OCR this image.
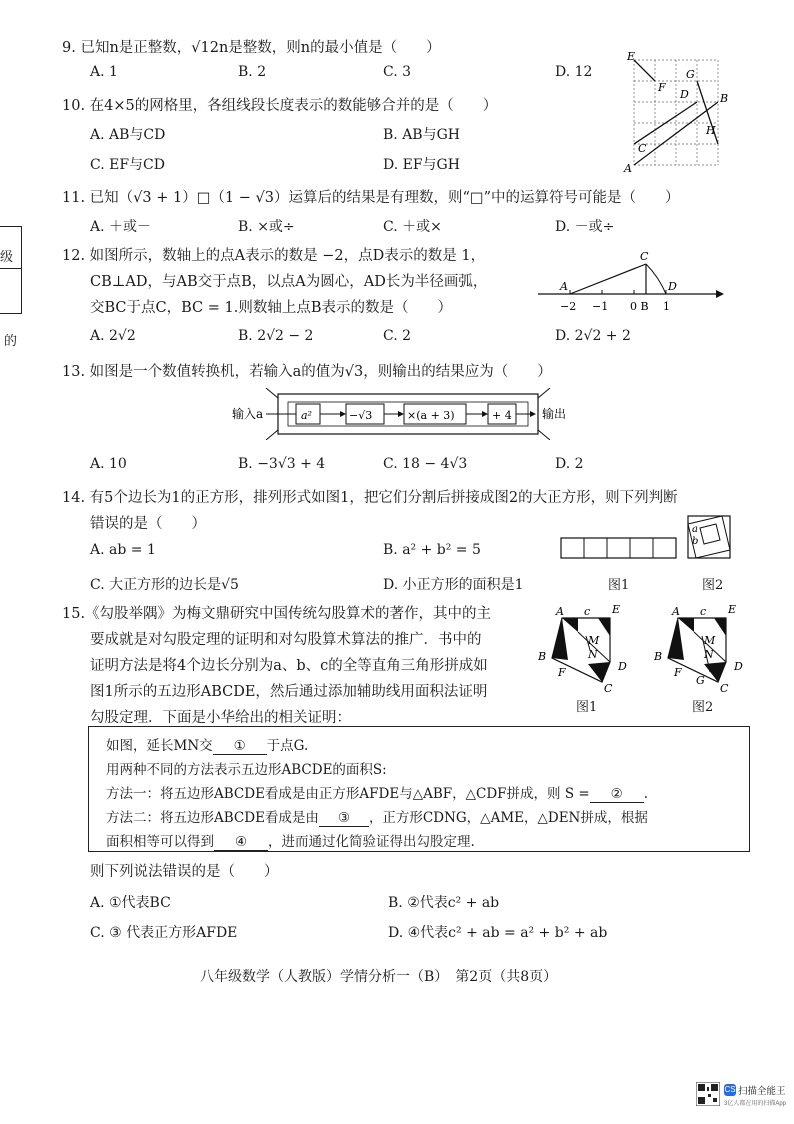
级
的
9. 已知n是正整数，√12n是整数，则n的最小值是（　　）
A. 1	B. 2	C. 3	D. 12
10. 在4×5的网格里，各组线段长度表示的数能够合并的是（　　）
A. AB与CD	B. AB与GH
C. EF与CD	D. EF与GH
E
F
G
D	B
H
C
A
11. 已知（√3 + 1）□（1 − √3）运算后的结果是有理数，则“□”中的运算符号可能是（　　）
A. ＋或－	B. ×或÷	C. ＋或×	D. －或÷
12. 如图所示，数轴上的点A表示的数是 −2，点D表示的数是 1，
CB⊥AD，与AB交于点B，以点A为圆心，AD长为半径画弧，
交BC于点C，BC = 1.则数轴上点B表示的数是（　　）
A. 2√2	B. 2√2 − 2	C. 2	D. 2√2 + 2
A
C
D
−2 −1 0 B 1
13. 如图是一个数值转换机，若输入a的值为√3，则输出的结果应为（　　）
输入a	a²	−√3	×(a + 3)	+ 4	输出
A. 10	B. −3√3 + 4	C. 18 − 4√3	D. 2
14. 有5个边长为1的正方形，排列形式如图1，把它们分割后拼接成图2的大正方形，则下列判断
错误的是（　　）
A. ab = 1	B. a² + b² = 5
C. 大正方形的边长是√5	D. 小正方形的面积是1	图1
a
b
图2
15.《勾股举隅》为梅文鼎研究中国传统勾股算术的著作，其中的主
要成就是对勾股定理的证明和对勾股算术算法的推广．书中的
证明方法是将4个边长分别为a、b、c的全等直角三角形拼成如
图1所示的五边形ABCDE，然后通过添加辅助线用面积法证明
勾股定理．下面是小华给出的相关证明：
A c E
M
N
B
F	D
C
图1
A c E
M
N
B
F
G
D
C
图2
如图，延长MN交 ① 于点G.
用两种不同的方法表示五边形ABCDE的面积S:
方法一：将五边形ABCDE看成是由正方形AFDE与△ABF，△CDF拼成，则 S = ② .
方法二：将五边形ABCDE看成是由 ③ ，正方形CDNG，△AME，△DEN拼成，根据
面积相等可以得到 ④ ，进而通过化简验证得出勾股定理.
则下列说法错误的是（　　）
A. ①代表BC	B. ②代表c² + ab
C. ③ 代表正方形AFDE	D. ④代表c² + ab = a² + b² + ab
八年级数学（人教版）学情分析一（B）　第2页（共8页）
CS 扫描全能王
3亿人都在用的扫描App
